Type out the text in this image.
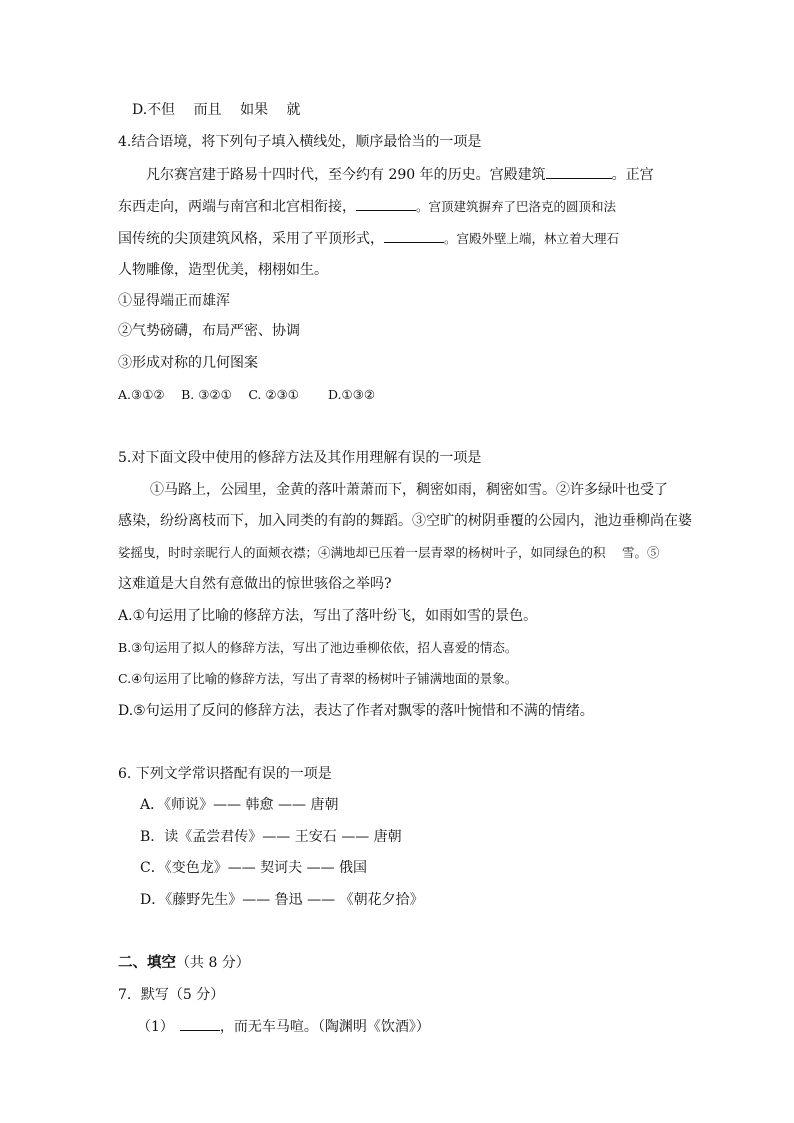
D.不但　 而且　 如果　 就
4.结合语境，将下列句子填入横线处，顺序最恰当的一项是
凡尔赛宫建于路易十四时代，至今约有 290 年的历史。宫殿建筑	。正宫
东西走向，两端与南宫和北宫相衔接，	。宫顶建筑摒弃了巴洛克的圆顶和法
国传统的尖顶建筑风格，采用了平顶形式，	。宫殿外壁上端，林立着大理石
人物雕像，造型优美，栩栩如生。
①显得端正而雄浑
②气势磅礴，布局严密、协调
③形成对称的几何图案
A.③①②　 B. ③②①　 C. ②③①　　 D.①③②
5.对下面文段中使用的修辞方法及其作用理解有误的一项是
①马路上，公园里，金黄的落叶萧萧而下，稠密如雨，稠密如雪。②许多绿叶也受了
感染，纷纷离枝而下，加入同类的有韵的舞蹈。③空旷的树阴垂覆的公园内，池边垂柳尚在婆
娑摇曳，时时亲昵行人的面颊衣襟；④满地却已压着一层青翠的杨树叶子，如同绿色的积　 雪。⑤
这难道是大自然有意做出的惊世骇俗之举吗?
A.①句运用了比喻的修辞方法，写出了落叶纷飞，如雨如雪的景色。
B.③句运用了拟人的修辞方法，写出了池边垂柳依依，招人喜爱的情态。
C.④句运用了比喻的修辞方法，写出了青翠的杨树叶子铺满地面的景象。
D.⑤句运用了反问的修辞方法，表达了作者对飘零的落叶惋惜和不满的情绪。
6. 下列文学常识搭配有误的一项是
A．《师说》—— 韩愈 —— 唐朝
B．读《孟尝君传》—— 王安石 —— 唐朝
C．《变色龙》—— 契诃夫 —— 俄国
D．《藤野先生》—— 鲁迅 —— 《朝花夕拾》
二、填空（共 8 分）
7．默写（5 分）
（1）	，而无车马喧。（陶渊明《饮酒》）
